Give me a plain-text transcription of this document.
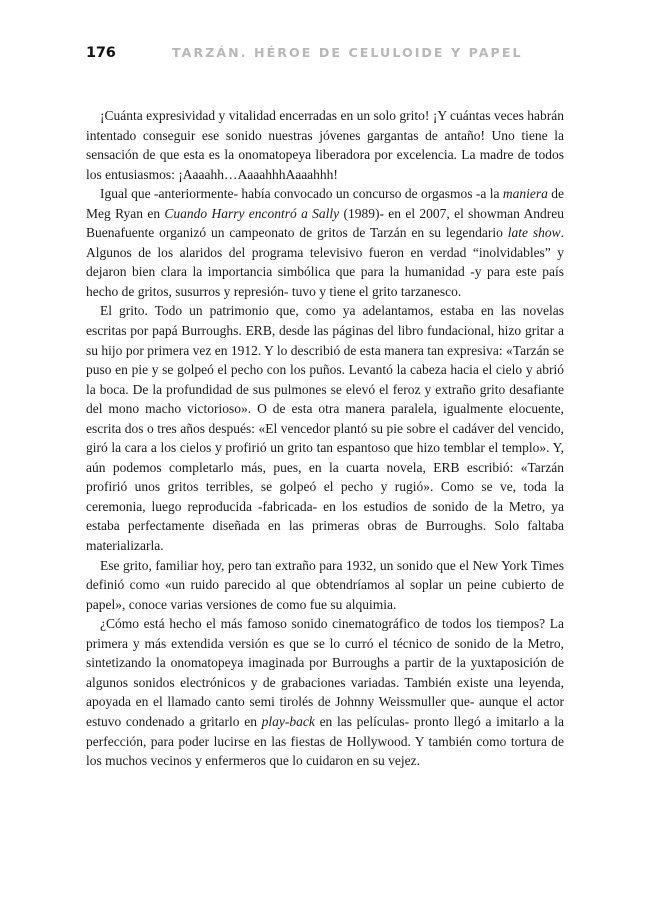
176	TARZÁN. HÉROE DE CELULOIDE Y PAPEL

¡Cuánta expresividad y vitalidad encerradas en un solo grito! ¡Y cuántas veces habrán intentado conseguir ese sonido nuestras jóvenes gargantas de antaño! Uno tiene la sensación de que esta es la onomatopeya liberadora por excelencia. La madre de todos los entusiasmos: ¡Aaaahh…AaaahhhAaaahhh!

Igual que -anteriormente- había convocado un concurso de orgasmos -a la maniera de Meg Ryan en Cuando Harry encontró a Sally (1989)- en el 2007, el showman Andreu Buenafuente organizó un campeonato de gritos de Tarzán en su legendario late show. Algunos de los alaridos del programa televisivo fueron en verdad “inolvidables” y dejaron bien clara la importancia simbólica que para la humanidad -y para este país hecho de gritos, susurros y represión- tuvo y tiene el grito tarzanesco.

El grito. Todo un patrimonio que, como ya adelantamos, estaba en las novelas escritas por papá Burroughs. ERB, desde las páginas del libro fundacional, hizo gritar a su hijo por primera vez en 1912. Y lo describió de esta manera tan expresiva: «Tarzán se puso en pie y se golpeó el pecho con los puños. Levantó la cabeza hacia el cielo y abrió la boca. De la profundidad de sus pulmones se elevó el feroz y extraño grito desafiante del mono macho victorioso». O de esta otra manera paralela, igualmente elocuente, escrita dos o tres años después: «El vencedor plantó su pie sobre el cadáver del vencido, giró la cara a los cielos y profirió un grito tan espantoso que hizo temblar el templo». Y, aún podemos completarlo más, pues, en la cuarta novela, ERB escribió: «Tarzán profirió unos gritos terribles, se golpeó el pecho y rugió». Como se ve, toda la ceremonia, luego reproducida -fabricada- en los estudios de sonido de la Metro, ya estaba perfectamente diseñada en las primeras obras de Burroughs. Solo faltaba materializarla.

Ese grito, familiar hoy, pero tan extraño para 1932, un sonido que el New York Times definió como «un ruido parecido al que obtendríamos al soplar un peine cubierto de papel», conoce varias versiones de como fue su alquimia.

¿Cómo está hecho el más famoso sonido cinematográfico de todos los tiempos? La primera y más extendida versión es que se lo curró el técnico de sonido de la Metro, sintetizando la onomatopeya imaginada por Burroughs a partir de la yuxtaposición de algunos sonidos electrónicos y de grabaciones variadas. También existe una leyenda, apoyada en el llamado canto semi tirolés de Johnny Weissmuller que- aunque el actor estuvo condenado a gritarlo en play-back en las películas- pronto llegó a imitarlo a la perfección, para poder lucirse en las fiestas de Hollywood. Y también como tortura de los muchos vecinos y enfermeros que lo cuidaron en su vejez.
